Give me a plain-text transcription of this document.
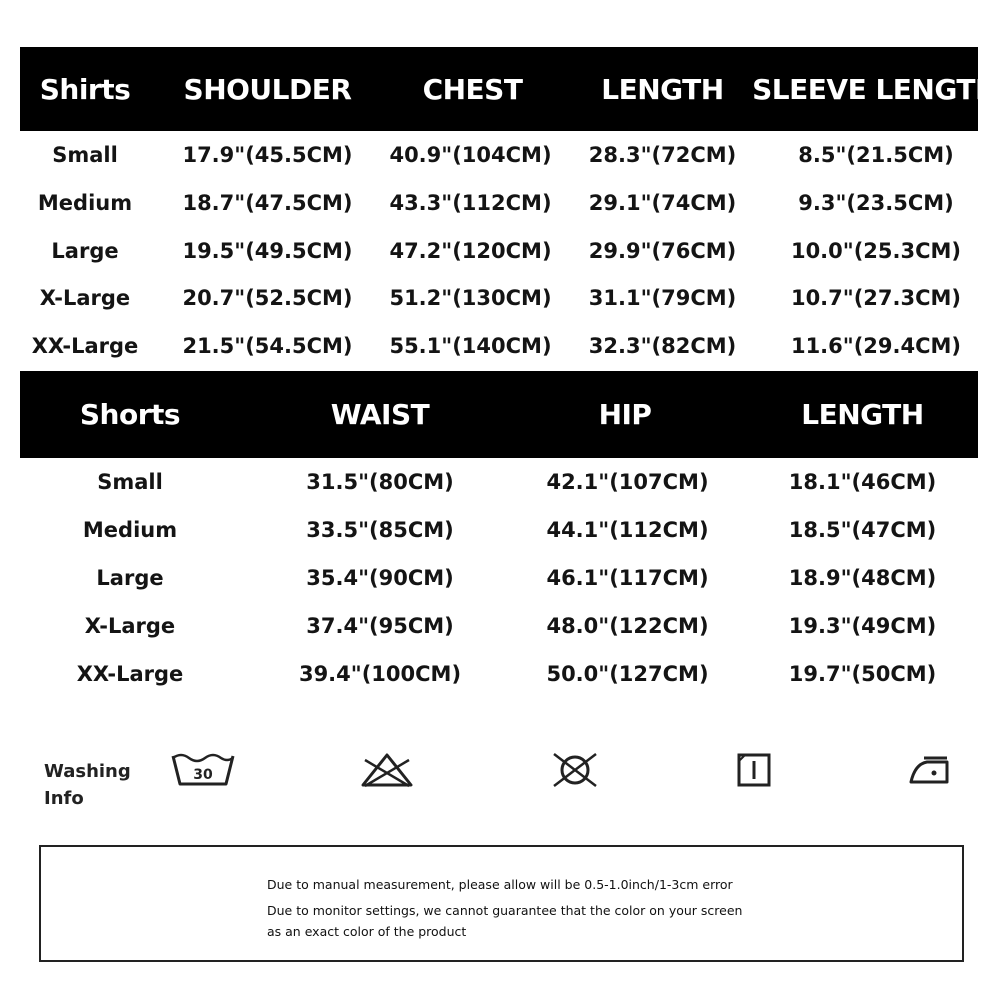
Shirts	SHOULDER	CHEST	LENGTH	SLEEVE LENGTH
Small	17.9"(45.5CM)	40.9"(104CM)	28.3"(72CM)	8.5"(21.5CM)
Medium	18.7"(47.5CM)	43.3"(112CM)	29.1"(74CM)	9.3"(23.5CM)
Large	19.5"(49.5CM)	47.2"(120CM)	29.9"(76CM)	10.0"(25.3CM)
X-Large	20.7"(52.5CM)	51.2"(130CM)	31.1"(79CM)	10.7"(27.3CM)
XX-Large	21.5"(54.5CM)	55.1"(140CM)	32.3"(82CM)	11.6"(29.4CM)
Shorts	WAIST	HIP	LENGTH
Small	31.5"(80CM)	42.1"(107CM)	18.1"(46CM)
Medium	33.5"(85CM)	44.1"(112CM)	18.5"(47CM)
Large	35.4"(90CM)	46.1"(117CM)	18.9"(48CM)
X-Large	37.4"(95CM)	48.0"(122CM)	19.3"(49CM)
XX-Large	39.4"(100CM)	50.0"(127CM)	19.7"(50CM)
Washing
Info
30
Due to manual measurement, please allow will be 0.5-1.0inch/1-3cm error
Due to monitor settings, we cannot guarantee that the color on your screen
as an exact color of the product
